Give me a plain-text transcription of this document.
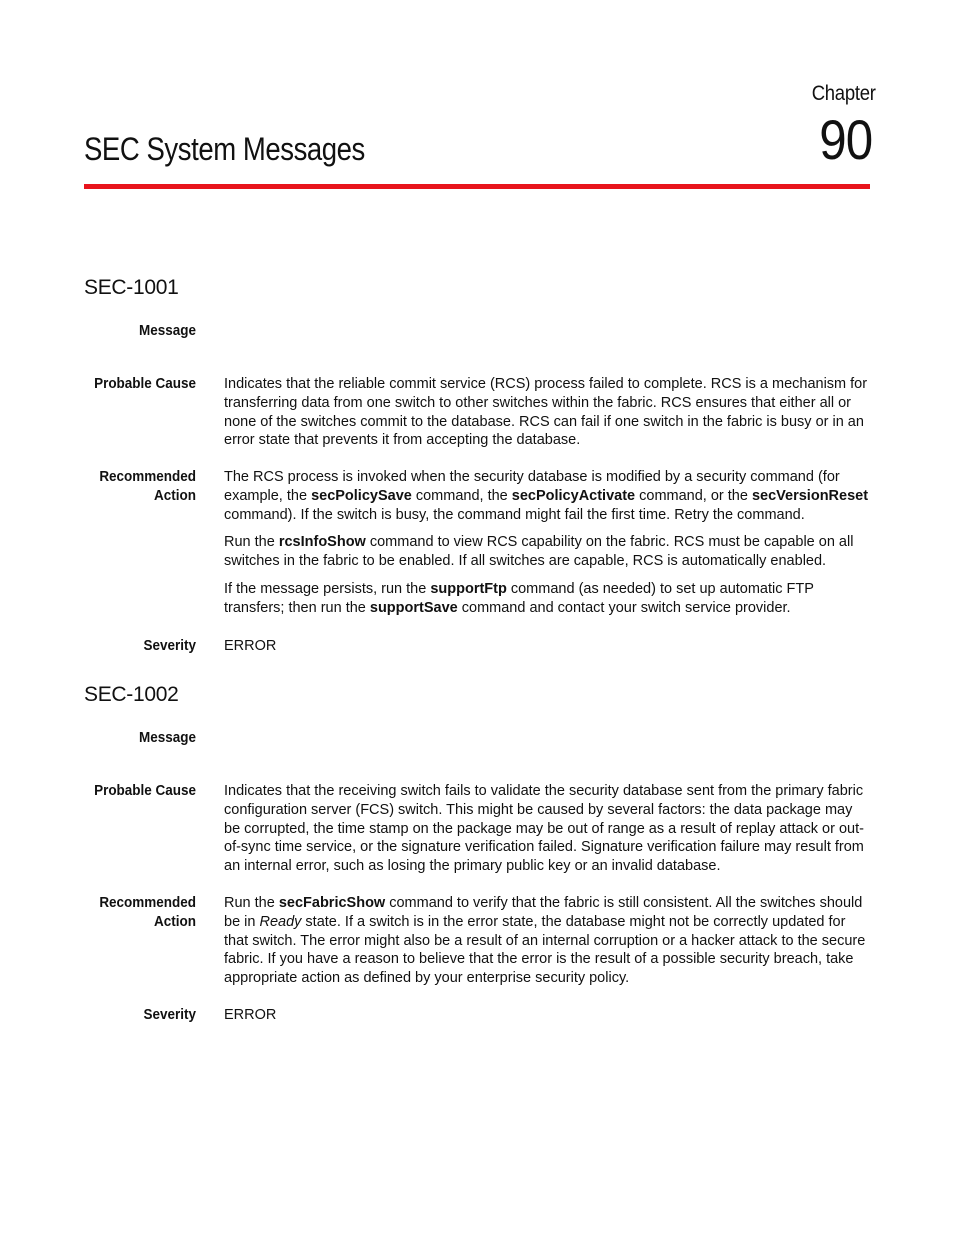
Chapter
90
SEC System Messages
SEC-1001
Message
Probable Cause Indicates that the reliable commit service (RCS) process failed to complete. RCS is a mechanism for transferring data from one switch to other switches within the fabric. RCS ensures that either all or none of the switches commit to the database. RCS can fail if one switch in the fabric is busy or in an error state that prevents it from accepting the database.

Recommended
Action

The RCS process is invoked when the security database is modified by a security command (for example, the secPolicySave command, the secPolicyActivate command, or the secVersionReset command). If the switch is busy, the command might fail the first time. Retry the command.

Run the rcsInfoShow command to view RCS capability on the fabric. RCS must be capable on all switches in the fabric to be enabled. If all switches are capable, RCS is automatically enabled.

If the message persists, run the supportFtp command (as needed) to set up automatic FTP transfers; then run the supportSave command and contact your switch service provider.

Severity ERROR

SEC-1002
Message
Probable Cause Indicates that the receiving switch fails to validate the security database sent from the primary fabric configuration server (FCS) switch. This might be caused by several factors: the data package may be corrupted, the time stamp on the package may be out of range as a result of replay attack or out-of-sync time service, or the signature verification failed. Signature verification failure may result from an internal error, such as losing the primary public key or an invalid database.

Recommended
Action

Run the secFabricShow command to verify that the fabric is still consistent. All the switches should be in Ready state. If a switch is in the error state, the database might not be correctly updated for that switch. The error might also be a result of an internal corruption or a hacker attack to the secure fabric. If you have a reason to believe that the error is the result of a possible security breach, take appropriate action as defined by your enterprise security policy.

Severity ERROR
